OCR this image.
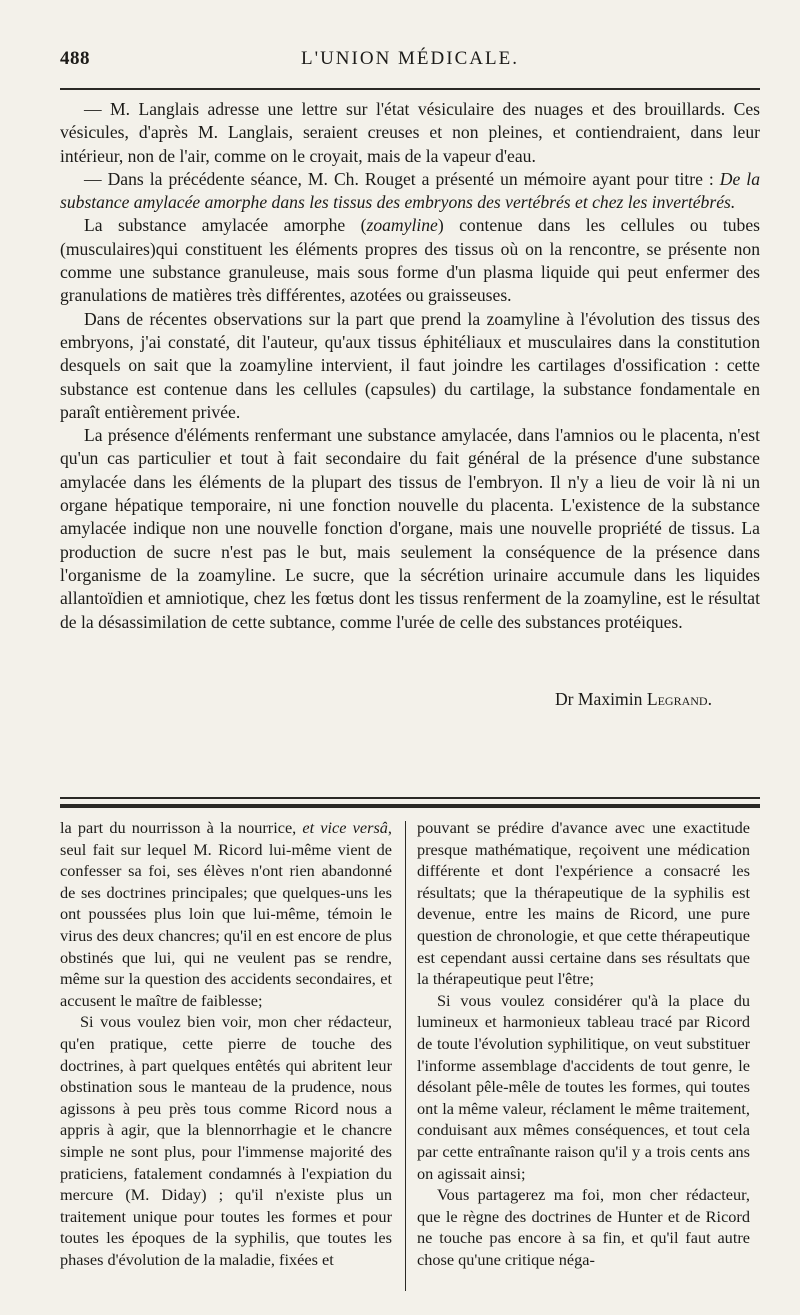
488	L'UNION MÉDICALE.

— M. Langlais adresse une lettre sur l'état vésiculaire des nuages et des brouillards. Ces vésicules, d'après M. Langlais, seraient creuses et non pleines, et contiendraient, dans leur intérieur, non de l'air, comme on le croyait, mais de la vapeur d'eau.

— Dans la précédente séance, M. Ch. Rouget a présenté un mémoire ayant pour titre : De la substance amylacée amorphe dans les tissus des embryons des vertébrés et chez les invertébrés.

La substance amylacée amorphe (zoamyline) contenue dans les cellules ou tubes (musculaires)qui constituent les éléments propres des tissus où on la rencontre, se présente non comme une substance granuleuse, mais sous forme d'un plasma liquide qui peut enfermer des granulations de matières très différentes, azotées ou graisseuses.

Dans de récentes observations sur la part que prend la zoamyline à l'évolution des tissus des embryons, j'ai constaté, dit l'auteur, qu'aux tissus éphitéliaux et musculaires dans la constitution desquels on sait que la zoamyline intervient, il faut joindre les cartilages d'ossification : cette substance est contenue dans les cellules (capsules) du cartilage, la substance fondamentale en paraît entièrement privée.

La présence d'éléments renfermant une substance amylacée, dans l'amnios ou le placenta, n'est qu'un cas particulier et tout à fait secondaire du fait général de la présence d'une substance amylacée dans les éléments de la plupart des tissus de l'embryon. Il n'y a lieu de voir là ni un organe hépatique temporaire, ni une fonction nouvelle du placenta. L'existence de la substance amylacée indique non une nouvelle fonction d'organe, mais une nouvelle propriété de tissus. La production de sucre n'est pas le but, mais seulement la conséquence de la présence dans l'organisme de la zoamyline. Le sucre, que la sécrétion urinaire accumule dans les liquides allantoïdien et amniotique, chez les fœtus dont les tissus renferment de la zoamyline, est le résultat de la désassimilation de cette subtance, comme l'urée de celle des substances protéiques.

Dr Maximin Legrand.

la part du nourrisson à la nourrice, et vice versâ, seul fait sur lequel M. Ricord lui-même vient de confesser sa foi, ses élèves n'ont rien abandonné de ses doctrines principales; que quelques-uns les ont poussées plus loin que lui-même, témoin le virus des deux chancres; qu'il en est encore de plus obstinés que lui, qui ne veulent pas se rendre, même sur la question des accidents secondaires, et accusent le maître de faiblesse;

Si vous voulez bien voir, mon cher rédacteur, qu'en pratique, cette pierre de touche des doctrines, à part quelques entêtés qui abritent leur obstination sous le manteau de la prudence, nous agissons à peu près tous comme Ricord nous a appris à agir, que la blennorrhagie et le chancre simple ne sont plus, pour l'immense majorité des praticiens, fatalement condamnés à l'expiation du mercure (M. Diday) ; qu'il n'existe plus un traitement unique pour toutes les formes et pour toutes les époques de la syphilis, que toutes les phases d'évolution de la maladie, fixées et

pouvant se prédire d'avance avec une exactitude presque mathématique, reçoivent une médication différente et dont l'expérience a consacré les résultats; que la thérapeutique de la syphilis est devenue, entre les mains de Ricord, une pure question de chronologie, et que cette thérapeutique est cependant aussi certaine dans ses résultats que la thérapeutique peut l'être;

Si vous voulez considérer qu'à la place du lumineux et harmonieux tableau tracé par Ricord de toute l'évolution syphilitique, on veut substituer l'informe assemblage d'accidents de tout genre, le désolant pêle-mêle de toutes les formes, qui toutes ont la même valeur, réclament le même traitement, conduisant aux mêmes conséquences, et tout cela par cette entraînante raison qu'il y a trois cents ans on agissait ainsi;

Vous partagerez ma foi, mon cher rédacteur, que le règne des doctrines de Hunter et de Ricord ne touche pas encore à sa fin, et qu'il faut autre chose qu'une critique néga-
